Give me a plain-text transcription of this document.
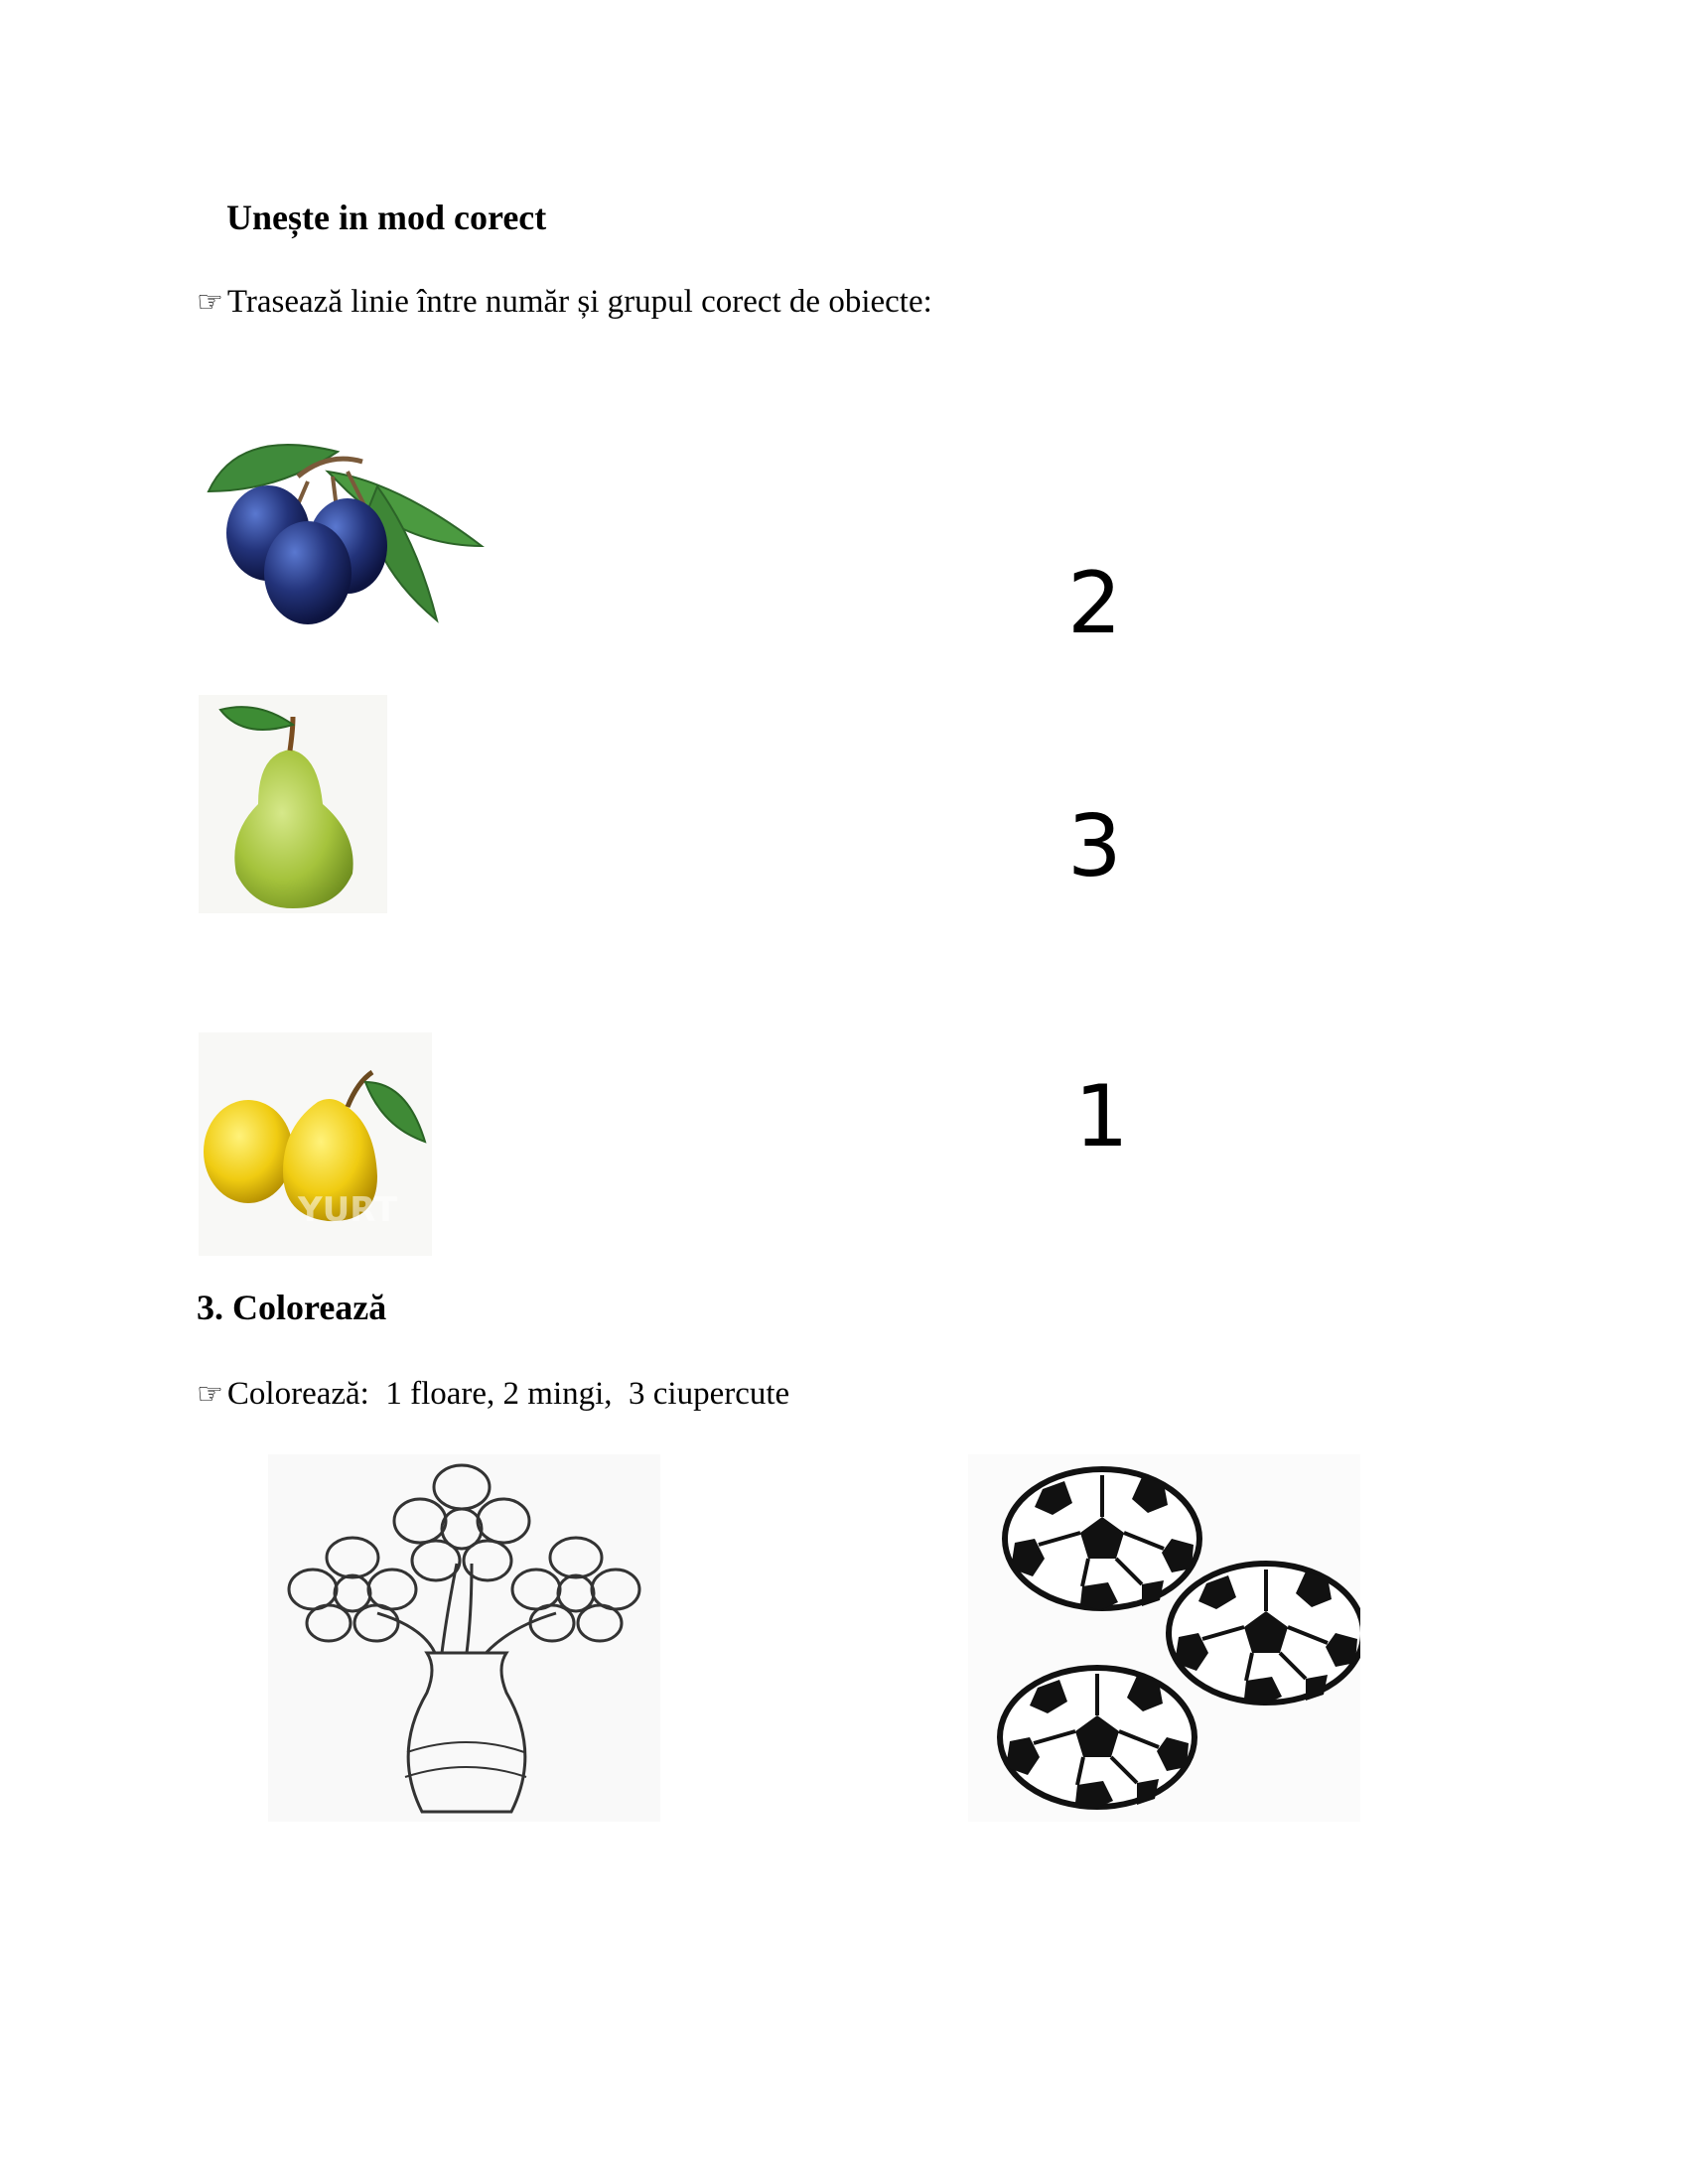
Unește in mod corect
☞ Trasează linie între număr și grupul corect de obiecte:
YURT
2
3
1
3. Colorează
☞ Colorează:  1 floare, 2 mingi,  3 ciupercute
